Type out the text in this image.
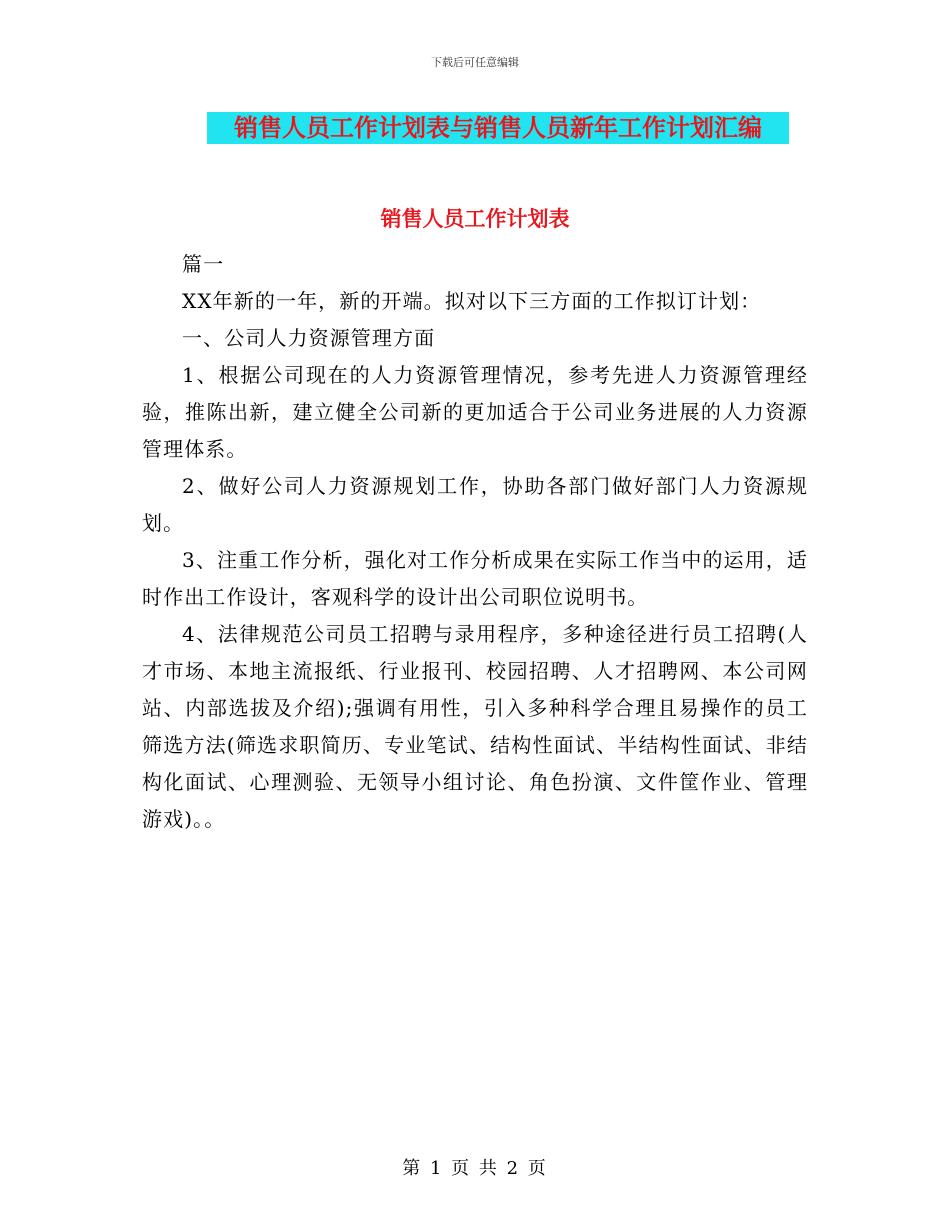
下载后可任意编辑
销售人员工作计划表与销售人员新年工作计划汇编
销售人员工作计划表

篇一

XX年新的一年，新的开端。拟对以下三方面的工作拟订计划：

一、公司人力资源管理方面

1、根据公司现在的人力资源管理情况，参考先进人力资源管理经验，推陈出新，建立健全公司新的更加适合于公司业务进展的人力资源管理体系。

2、做好公司人力资源规划工作，协助各部门做好部门人力资源规划。

3、注重工作分析，强化对工作分析成果在实际工作当中的运用，适时作出工作设计，客观科学的设计出公司职位说明书。

4、法律规范公司员工招聘与录用程序，多种途径进行员工招聘(人才市场、本地主流报纸、行业报刊、校园招聘、人才招聘网、本公司网站、内部选拔及介绍);强调有用性，引入多种科学合理且易操作的员工筛选方法(筛选求职简历、专业笔试、结构性面试、半结构性面试、非结构化面试、心理测验、无领导小组讨论、角色扮演、文件筐作业、管理游戏)。。

第 1 页 共 2 页
